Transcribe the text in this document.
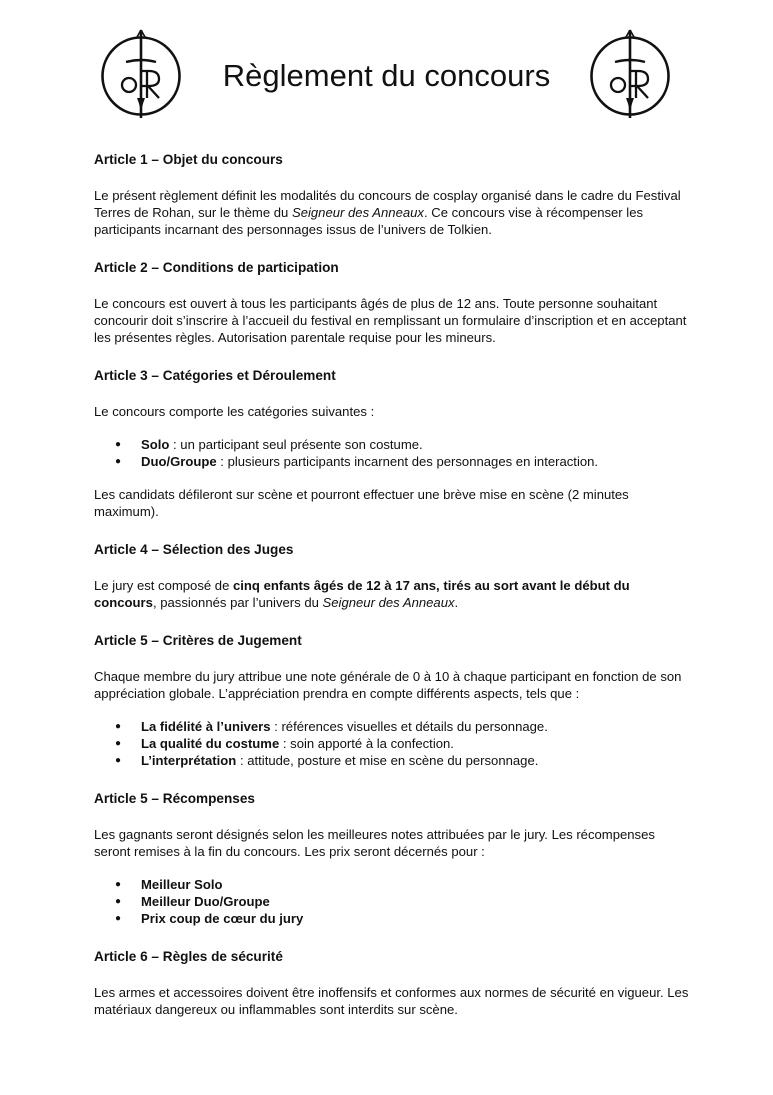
Règlement du concours
Article 1 – Objet du concours

Le présent règlement définit les modalités du concours de cosplay organisé dans le cadre du Festival Terres de Rohan, sur le thème du Seigneur des Anneaux. Ce concours vise à récompenser les participants incarnant des personnages issus de l’univers de Tolkien.

Article 2 – Conditions de participation

Le concours est ouvert à tous les participants âgés de plus de 12 ans. Toute personne souhaitant concourir doit s’inscrire à l’accueil du festival en remplissant un formulaire d’inscription et en acceptant les présentes règles. Autorisation parentale requise pour les mineurs.

Article 3 – Catégories et Déroulement

Le concours comporte les catégories suivantes :

● Solo : un participant seul présente son costume.
● Duo/Groupe : plusieurs participants incarnent des personnages en interaction.

Les candidats défileront sur scène et pourront effectuer une brève mise en scène (2 minutes maximum).

Article 4 – Sélection des Juges

Le jury est composé de cinq enfants âgés de 12 à 17 ans, tirés au sort avant le début du concours, passionnés par l’univers du Seigneur des Anneaux.

Article 5 – Critères de Jugement

Chaque membre du jury attribue une note générale de 0 à 10 à chaque participant en fonction de son appréciation globale. L’appréciation prendra en compte différents aspects, tels que :

● La fidélité à l’univers : références visuelles et détails du personnage.
● La qualité du costume : soin apporté à la confection.
● L’interprétation : attitude, posture et mise en scène du personnage.
Article 5 – Récompenses

Les gagnants seront désignés selon les meilleures notes attribuées par le jury. Les récompenses seront remises à la fin du concours. Les prix seront décernés pour :

● Meilleur Solo
● Meilleur Duo/Groupe
● Prix coup de cœur du jury
Article 6 – Règles de sécurité

Les armes et accessoires doivent être inoffensifs et conformes aux normes de sécurité en vigueur. Les matériaux dangereux ou inflammables sont interdits sur scène.
